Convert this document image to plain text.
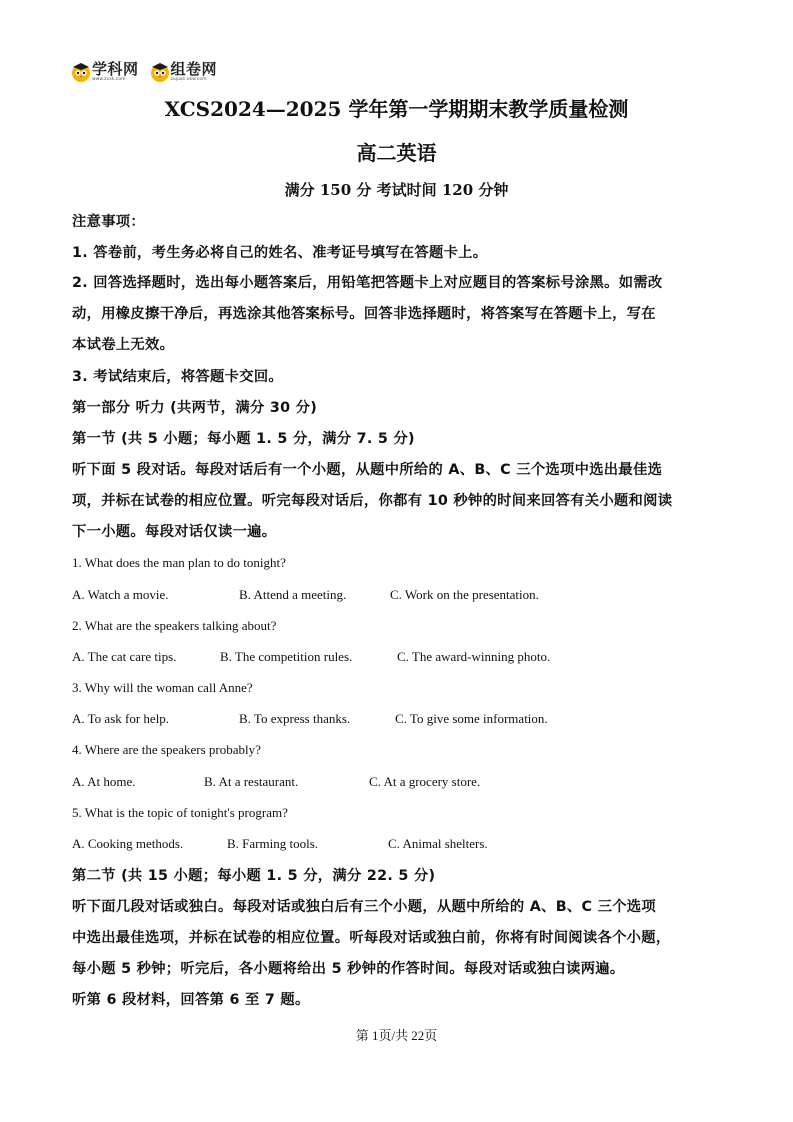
学科网
www.zxxk.com
组卷网
zujuan.xkw.com
XCS2024—2025 学年第一学期期末教学质量检测
高二英语
满分 150 分 考试时间 120 分钟
注意事项：
1. 答卷前，考生务必将自己的姓名、准考证号填写在答题卡上。
2. 回答选择题时，选出每小题答案后，用铅笔把答题卡上对应题目的答案标号涂黑。如需改
动，用橡皮擦干净后，再选涂其他答案标号。回答非选择题时，将答案写在答题卡上，写在
本试卷上无效。
3. 考试结束后，将答题卡交回。
第一部分 听力 (共两节，满分 30 分)
第一节 (共 5 小题；每小题 1. 5 分，满分 7. 5 分)
听下面 5 段对话。每段对话后有一个小题，从题中所给的 A、B、C 三个选项中选出最佳选
项，并标在试卷的相应位置。听完每段对话后，你都有 10 秒钟的时间来回答有关小题和阅读
下一小题。每段对话仅读一遍。
1. What does the man plan to do tonight?
A. Watch a movie.	B. Attend a meeting.	C. Work on the presentation.
2. What are the speakers talking about?
A. The cat care tips.	B. The competition rules.	C. The award-winning photo.
3. Why will the woman call Anne?
A. To ask for help.	B. To express thanks.	C. To give some information.
4. Where are the speakers probably?
A. At home.	B. At a restaurant.	C. At a grocery store.
5. What is the topic of tonight's program?
A. Cooking methods.	B. Farming tools.	C. Animal shelters.
第二节 (共 15 小题；每小题 1. 5 分，满分 22. 5 分)
听下面几段对话或独白。每段对话或独白后有三个小题，从题中所给的 A、B、C 三个选项
中选出最佳选项，并标在试卷的相应位置。听每段对话或独白前，你将有时间阅读各个小题，
每小题 5 秒钟；听完后，各小题将给出 5 秒钟的作答时间。每段对话或独白读两遍。
听第 6 段材料，回答第 6 至 7 题。
第 1页/共 22页
